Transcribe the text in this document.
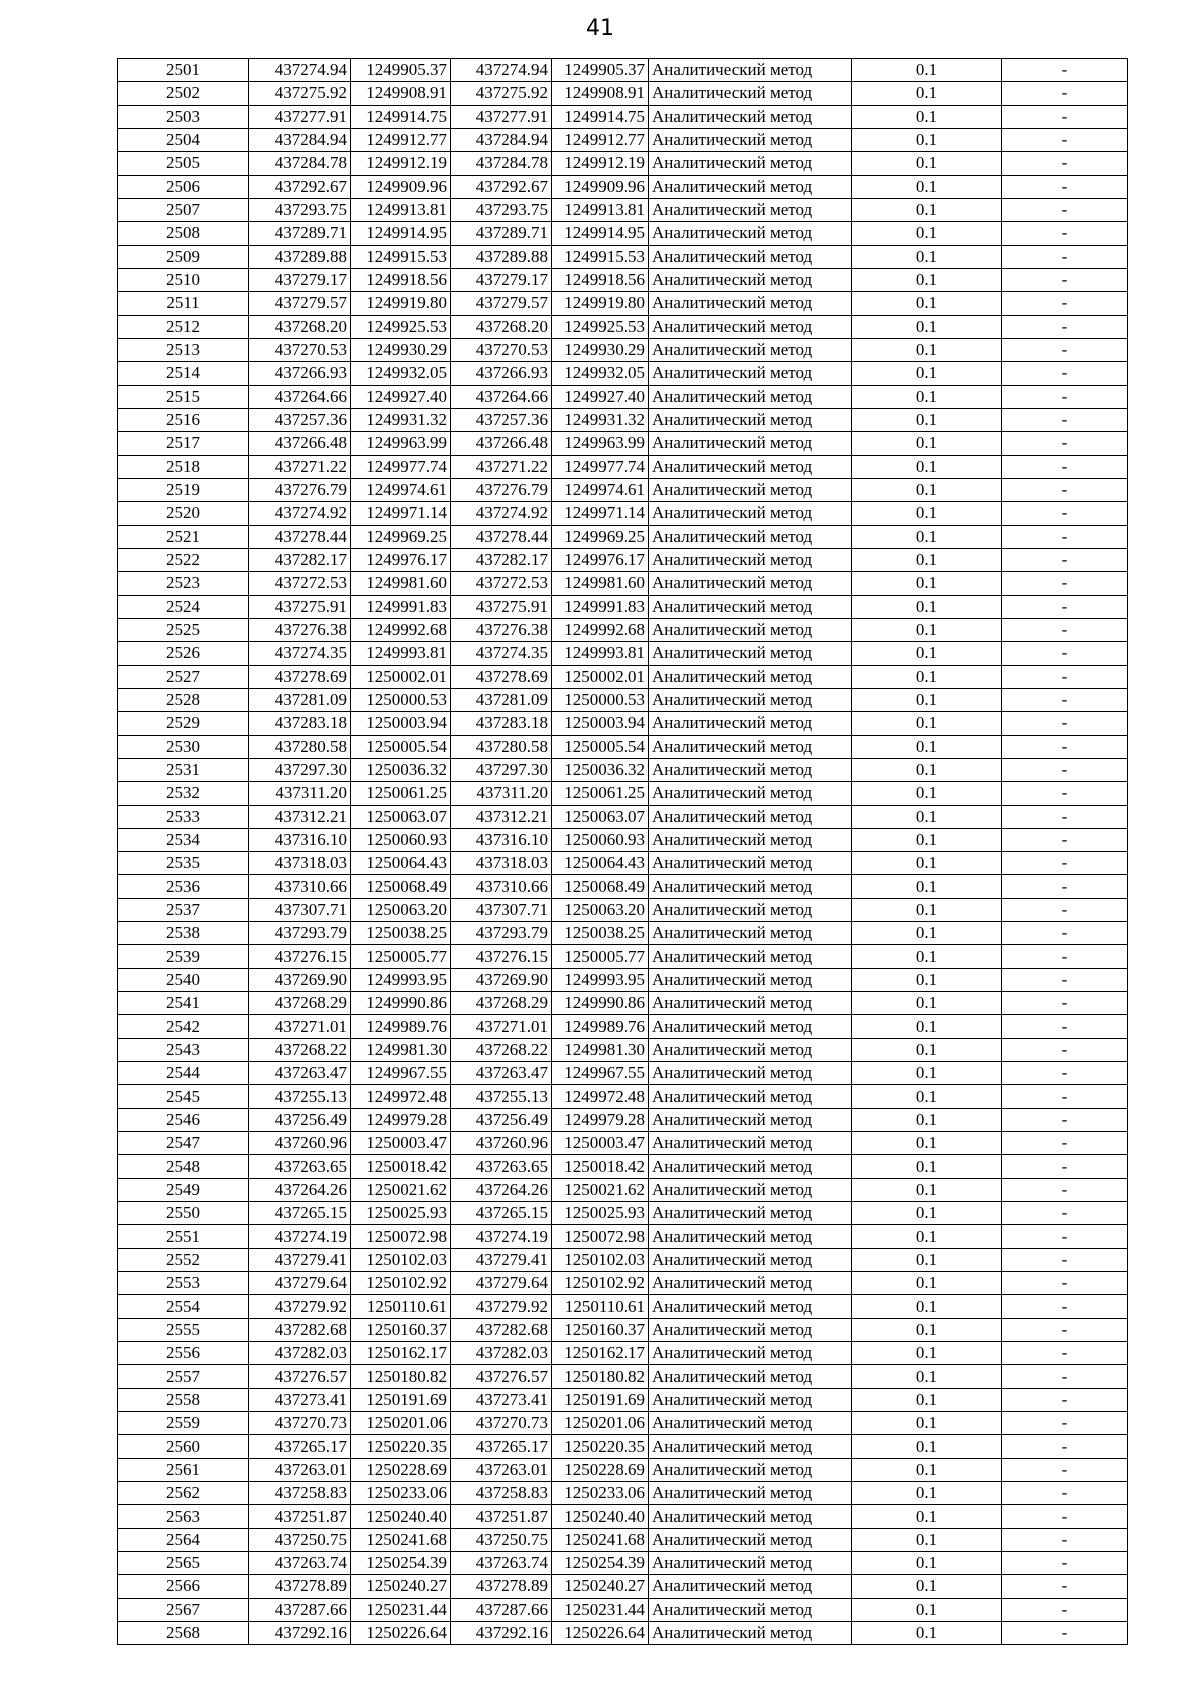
41
2501	437274.94	1249905.37	437274.94	1249905.37	Аналитический метод	0.1	-
2502	437275.92	1249908.91	437275.92	1249908.91	Аналитический метод	0.1	-
2503	437277.91	1249914.75	437277.91	1249914.75	Аналитический метод	0.1	-
2504	437284.94	1249912.77	437284.94	1249912.77	Аналитический метод	0.1	-
2505	437284.78	1249912.19	437284.78	1249912.19	Аналитический метод	0.1	-
2506	437292.67	1249909.96	437292.67	1249909.96	Аналитический метод	0.1	-
2507	437293.75	1249913.81	437293.75	1249913.81	Аналитический метод	0.1	-
2508	437289.71	1249914.95	437289.71	1249914.95	Аналитический метод	0.1	-
2509	437289.88	1249915.53	437289.88	1249915.53	Аналитический метод	0.1	-
2510	437279.17	1249918.56	437279.17	1249918.56	Аналитический метод	0.1	-
2511	437279.57	1249919.80	437279.57	1249919.80	Аналитический метод	0.1	-
2512	437268.20	1249925.53	437268.20	1249925.53	Аналитический метод	0.1	-
2513	437270.53	1249930.29	437270.53	1249930.29	Аналитический метод	0.1	-
2514	437266.93	1249932.05	437266.93	1249932.05	Аналитический метод	0.1	-
2515	437264.66	1249927.40	437264.66	1249927.40	Аналитический метод	0.1	-
2516	437257.36	1249931.32	437257.36	1249931.32	Аналитический метод	0.1	-
2517	437266.48	1249963.99	437266.48	1249963.99	Аналитический метод	0.1	-
2518	437271.22	1249977.74	437271.22	1249977.74	Аналитический метод	0.1	-
2519	437276.79	1249974.61	437276.79	1249974.61	Аналитический метод	0.1	-
2520	437274.92	1249971.14	437274.92	1249971.14	Аналитический метод	0.1	-
2521	437278.44	1249969.25	437278.44	1249969.25	Аналитический метод	0.1	-
2522	437282.17	1249976.17	437282.17	1249976.17	Аналитический метод	0.1	-
2523	437272.53	1249981.60	437272.53	1249981.60	Аналитический метод	0.1	-
2524	437275.91	1249991.83	437275.91	1249991.83	Аналитический метод	0.1	-
2525	437276.38	1249992.68	437276.38	1249992.68	Аналитический метод	0.1	-
2526	437274.35	1249993.81	437274.35	1249993.81	Аналитический метод	0.1	-
2527	437278.69	1250002.01	437278.69	1250002.01	Аналитический метод	0.1	-
2528	437281.09	1250000.53	437281.09	1250000.53	Аналитический метод	0.1	-
2529	437283.18	1250003.94	437283.18	1250003.94	Аналитический метод	0.1	-
2530	437280.58	1250005.54	437280.58	1250005.54	Аналитический метод	0.1	-
2531	437297.30	1250036.32	437297.30	1250036.32	Аналитический метод	0.1	-
2532	437311.20	1250061.25	437311.20	1250061.25	Аналитический метод	0.1	-
2533	437312.21	1250063.07	437312.21	1250063.07	Аналитический метод	0.1	-
2534	437316.10	1250060.93	437316.10	1250060.93	Аналитический метод	0.1	-
2535	437318.03	1250064.43	437318.03	1250064.43	Аналитический метод	0.1	-
2536	437310.66	1250068.49	437310.66	1250068.49	Аналитический метод	0.1	-
2537	437307.71	1250063.20	437307.71	1250063.20	Аналитический метод	0.1	-
2538	437293.79	1250038.25	437293.79	1250038.25	Аналитический метод	0.1	-
2539	437276.15	1250005.77	437276.15	1250005.77	Аналитический метод	0.1	-
2540	437269.90	1249993.95	437269.90	1249993.95	Аналитический метод	0.1	-
2541	437268.29	1249990.86	437268.29	1249990.86	Аналитический метод	0.1	-
2542	437271.01	1249989.76	437271.01	1249989.76	Аналитический метод	0.1	-
2543	437268.22	1249981.30	437268.22	1249981.30	Аналитический метод	0.1	-
2544	437263.47	1249967.55	437263.47	1249967.55	Аналитический метод	0.1	-
2545	437255.13	1249972.48	437255.13	1249972.48	Аналитический метод	0.1	-
2546	437256.49	1249979.28	437256.49	1249979.28	Аналитический метод	0.1	-
2547	437260.96	1250003.47	437260.96	1250003.47	Аналитический метод	0.1	-
2548	437263.65	1250018.42	437263.65	1250018.42	Аналитический метод	0.1	-
2549	437264.26	1250021.62	437264.26	1250021.62	Аналитический метод	0.1	-
2550	437265.15	1250025.93	437265.15	1250025.93	Аналитический метод	0.1	-
2551	437274.19	1250072.98	437274.19	1250072.98	Аналитический метод	0.1	-
2552	437279.41	1250102.03	437279.41	1250102.03	Аналитический метод	0.1	-
2553	437279.64	1250102.92	437279.64	1250102.92	Аналитический метод	0.1	-
2554	437279.92	1250110.61	437279.92	1250110.61	Аналитический метод	0.1	-
2555	437282.68	1250160.37	437282.68	1250160.37	Аналитический метод	0.1	-
2556	437282.03	1250162.17	437282.03	1250162.17	Аналитический метод	0.1	-
2557	437276.57	1250180.82	437276.57	1250180.82	Аналитический метод	0.1	-
2558	437273.41	1250191.69	437273.41	1250191.69	Аналитический метод	0.1	-
2559	437270.73	1250201.06	437270.73	1250201.06	Аналитический метод	0.1	-
2560	437265.17	1250220.35	437265.17	1250220.35	Аналитический метод	0.1	-
2561	437263.01	1250228.69	437263.01	1250228.69	Аналитический метод	0.1	-
2562	437258.83	1250233.06	437258.83	1250233.06	Аналитический метод	0.1	-
2563	437251.87	1250240.40	437251.87	1250240.40	Аналитический метод	0.1	-
2564	437250.75	1250241.68	437250.75	1250241.68	Аналитический метод	0.1	-
2565	437263.74	1250254.39	437263.74	1250254.39	Аналитический метод	0.1	-
2566	437278.89	1250240.27	437278.89	1250240.27	Аналитический метод	0.1	-
2567	437287.66	1250231.44	437287.66	1250231.44	Аналитический метод	0.1	-
2568	437292.16	1250226.64	437292.16	1250226.64	Аналитический метод	0.1	-
